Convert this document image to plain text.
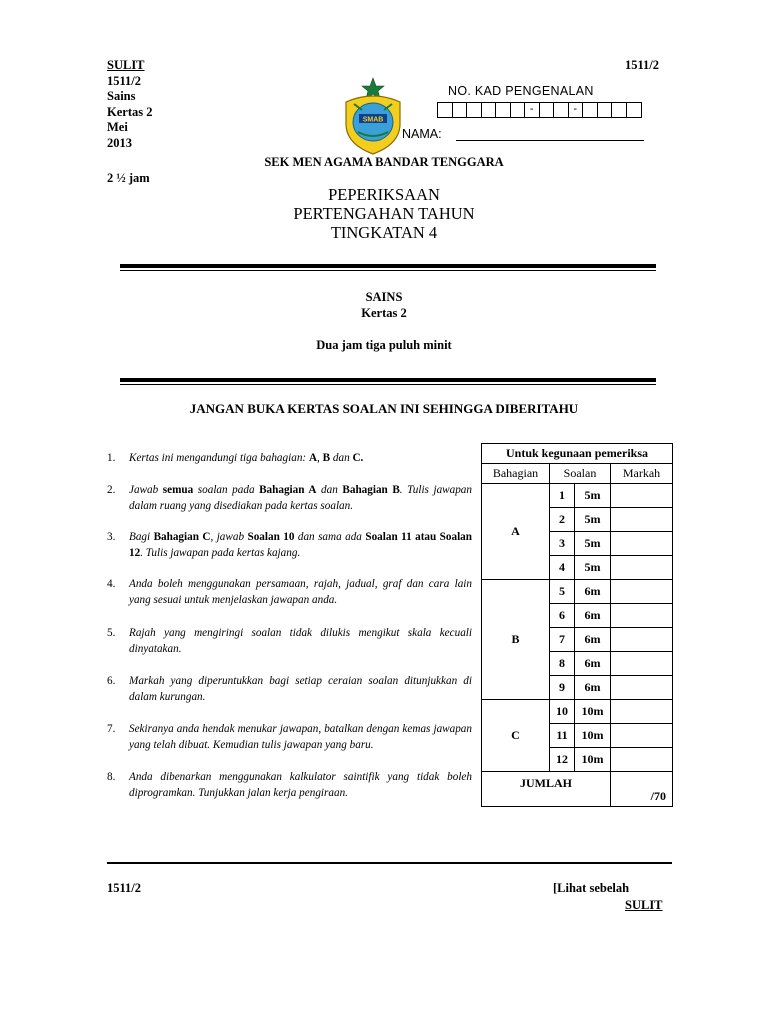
SULIT
1511/2
Sains
Kertas 2
Mei
2013
2 ½ jam
1511/2
SMAB
NO. KAD PENGENALAN
-	-
NAMA:
SEK MEN AGAMA BANDAR TENGGARA
PEPERIKSAAN
PERTENGAHAN TAHUN
TINGKATAN 4
SAINS
Kertas 2
Dua jam tiga puluh minit
JANGAN BUKA KERTAS SOALAN INI SEHINGGA DIBERITAHU
1. Kertas ini mengandungi tiga bahagian: A, B dan C.
2. Jawab semua soalan pada Bahagian A dan Bahagian B. Tulis jawapan dalam ruang yang disediakan pada kertas soalan.
3. Bagi Bahagian C, jawab Soalan 10 dan sama ada Soalan 11 atau Soalan 12. Tulis jawapan pada kertas kajang.
4. Anda boleh menggunakan persamaan, rajah, jadual, graf dan cara lain yang sesuai untuk menjelaskan jawapan anda.
5. Rajah yang mengiringi soalan tidak dilukis mengikut skala kecuali dinyatakan.
6. Markah yang diperuntukkan bagi setiap ceraian soalan ditunjukkan di dalam kurungan.
7. Sekiranya anda hendak menukar jawapan, batalkan dengan kemas jawapan yang telah dibuat. Kemudian tulis jawapan yang baru.
8. Anda dibenarkan menggunakan kalkulator saintifik yang tidak boleh diprogramkan. Tunjukkan jalan kerja pengiraan.
Untuk kegunaan pemeriksa			
Bahagian	Soalan		Markah
A	1	5m	
	2	5m	
	3	5m	
	4	5m	
B	5	6m	
	6	6m	
	7	6m	
	8	6m	
	9	6m	
C	10	10m	
	11	10m	
	12	10m	
JUMLAH			/70
1511/2	[Lihat sebelah
SULIT
